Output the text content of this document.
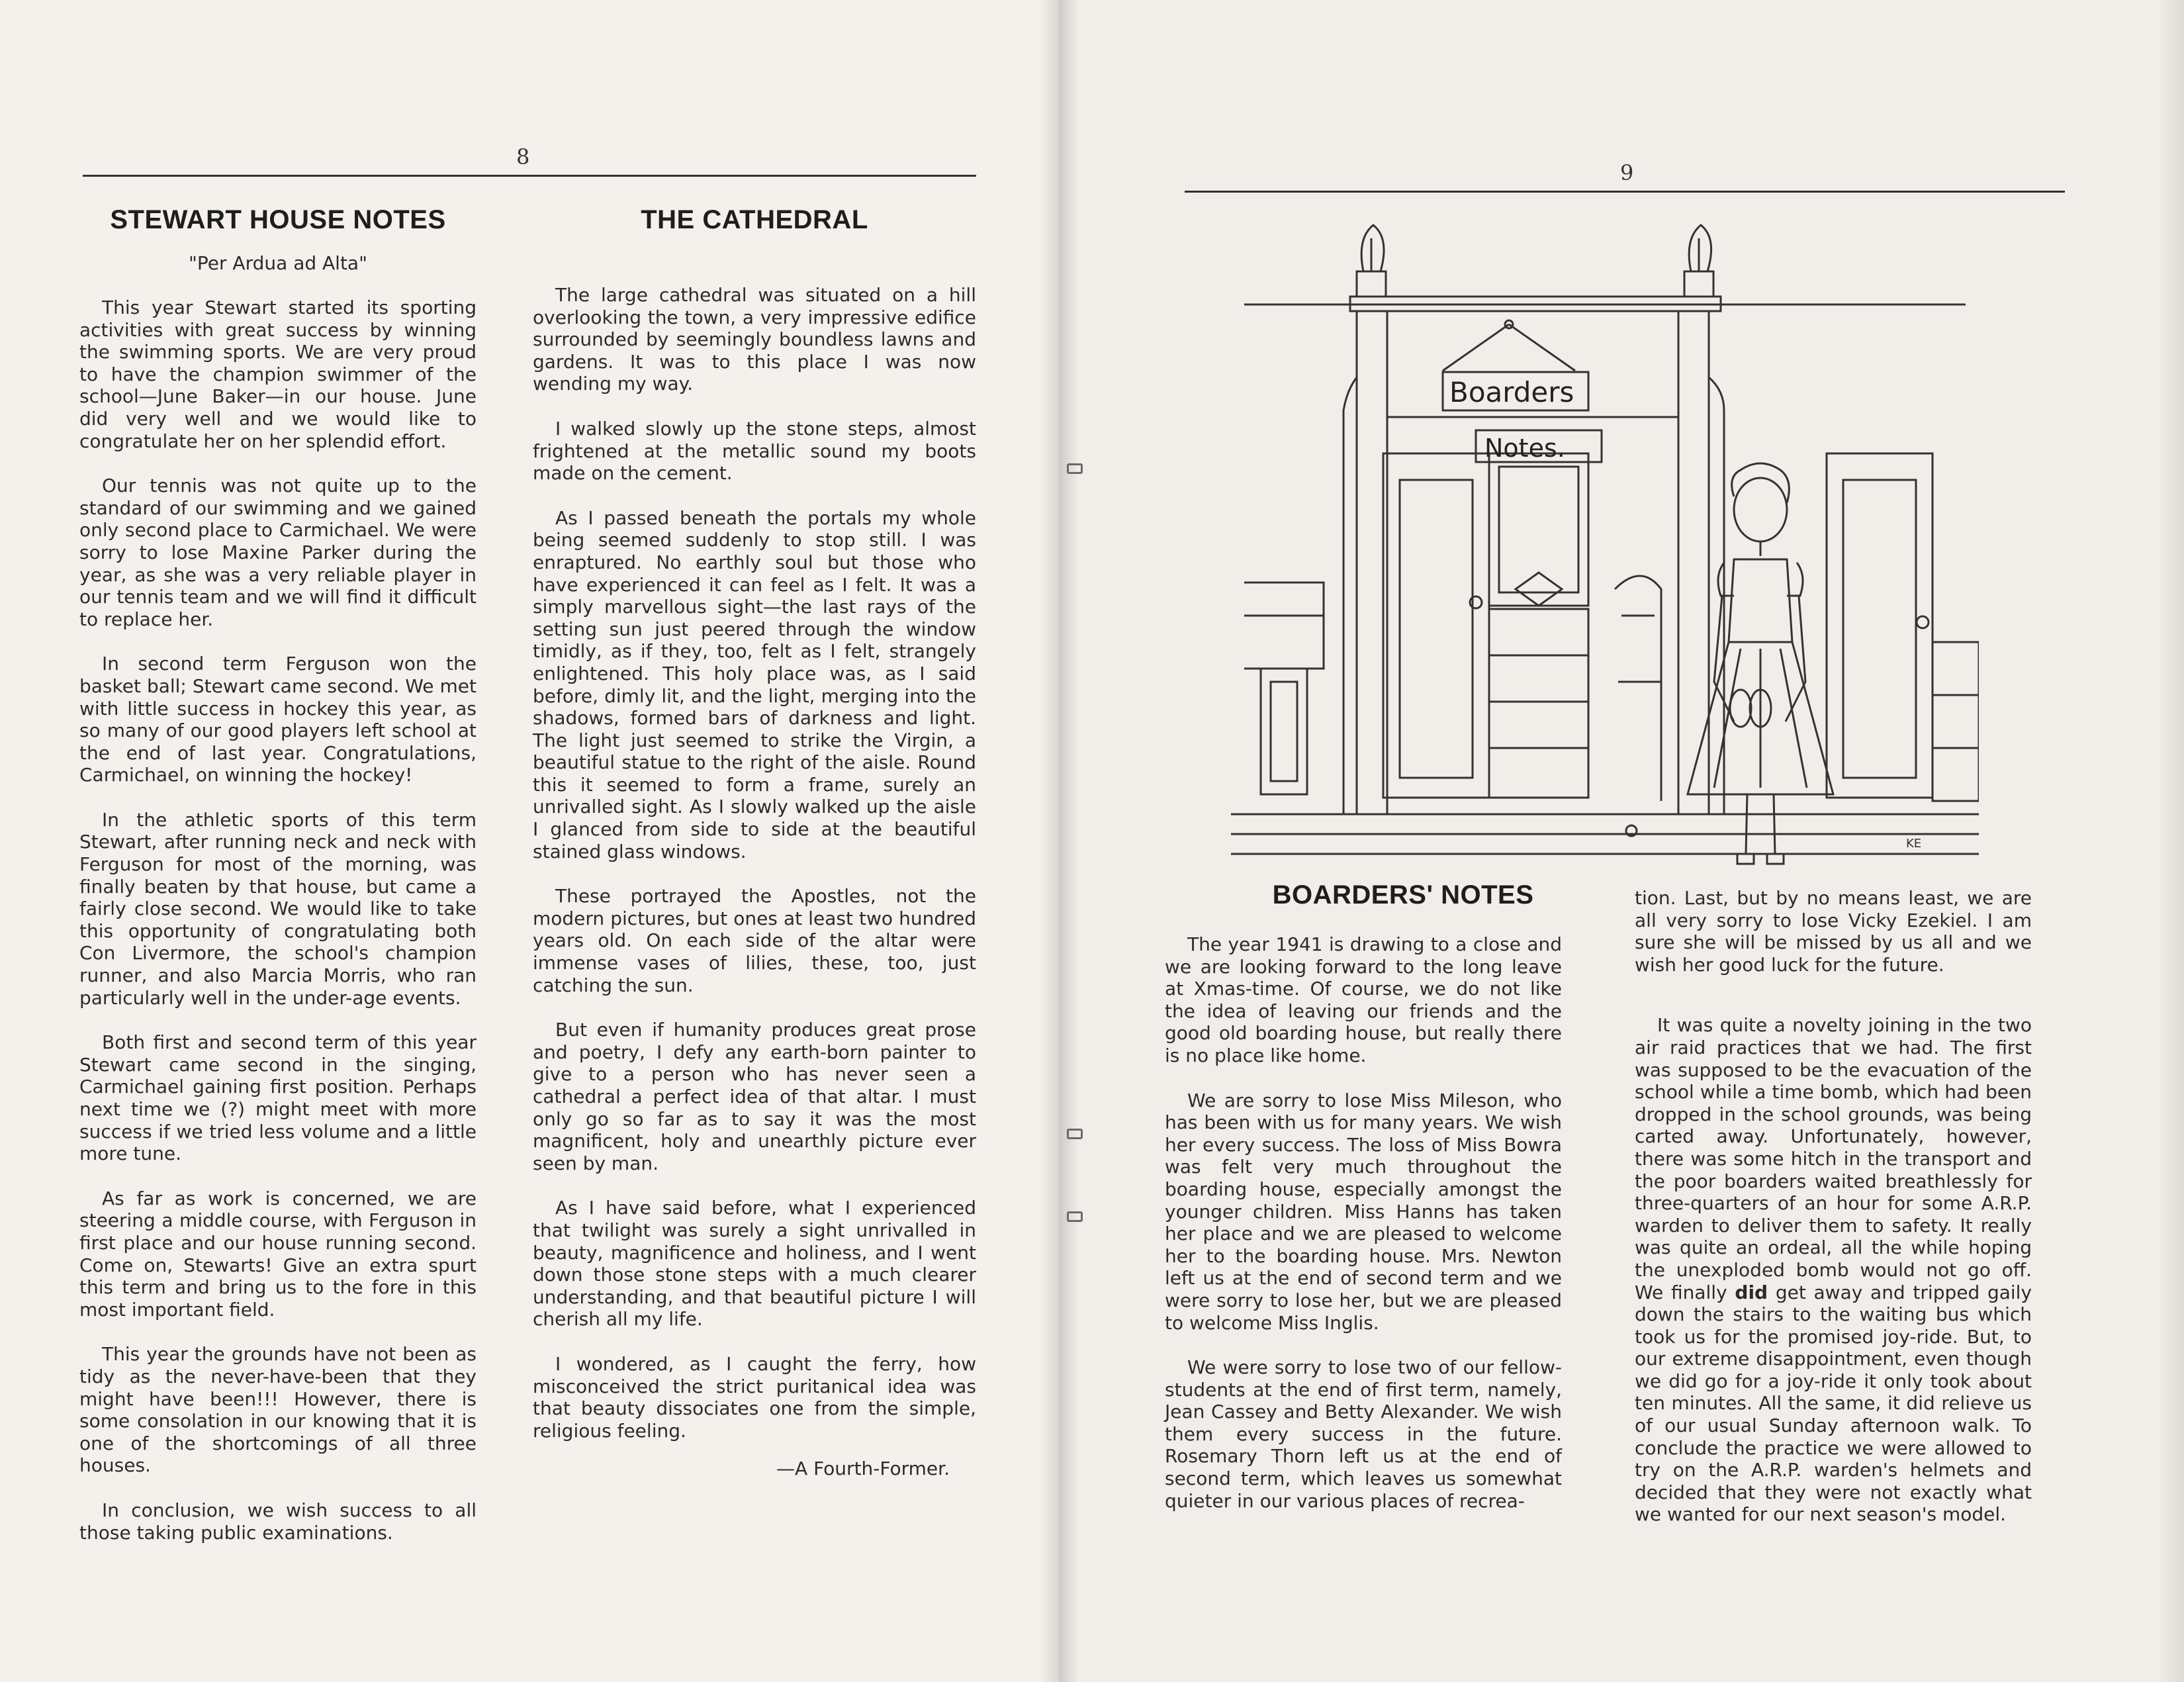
8
STEWART HOUSE NOTES
"Per Ardua ad Alta"

This year Stewart started its sporting activities with great success by winning the swimming sports. We are very proud to have the champion swimmer of the school—June Baker—in our house. June did very well and we would like to congratulate her on her splendid effort.

Our tennis was not quite up to the standard of our swimming and we gained only second place to Carmichael. We were sorry to lose Maxine Parker during the year, as she was a very reliable player in our tennis team and we will find it difficult to replace her.

In second term Ferguson won the basket ball; Stewart came second. We met with little success in hockey this year, as so many of our good players left school at the end of last year. Congratulations, Carmichael, on winning the hockey!

In the athletic sports of this term Stewart, after running neck and neck with Ferguson for most of the morning, was finally beaten by that house, but came a fairly close second. We would like to take this opportunity of congratulating both Con Livermore, the school's champion runner, and also Marcia Morris, who ran particularly well in the under-age events.

Both first and second term of this year Stewart came second in the singing, Carmichael gaining first position. Perhaps next time we (?) might meet with more success if we tried less volume and a little more tune.

As far as work is concerned, we are steering a middle course, with Ferguson in first place and our house running second. Come on, Stewarts! Give an extra spurt this term and bring us to the fore in this most important field.

This year the grounds have not been as tidy as the never-have-been that they might have been!!! However, there is some consolation in our knowing that it is one of the shortcomings of all three houses.

In conclusion, we wish success to all those taking public examinations.

THE CATHEDRAL

The large cathedral was situated on a hill overlooking the town, a very impressive edifice surrounded by seemingly boundless lawns and gardens. It was to this place I was now wending my way.

I walked slowly up the stone steps, almost frightened at the metallic sound my boots made on the cement.

As I passed beneath the portals my whole being seemed suddenly to stop still. I was enraptured. No earthly soul but those who have experienced it can feel as I felt. It was a simply marvellous sight—the last rays of the setting sun just peered through the window timidly, as if they, too, felt as I felt, strangely enlightened. This holy place was, as I said before, dimly lit, and the light, merging into the shadows, formed bars of darkness and light. The light just seemed to strike the Virgin, a beautiful statue to the right of the aisle. Round this it seemed to form a frame, surely an unrivalled sight. As I slowly walked up the aisle I glanced from side to side at the beautiful stained glass windows.

These portrayed the Apostles, not the modern pictures, but ones at least two hundred years old. On each side of the altar were immense vases of lilies, these, too, just catching the sun.

But even if humanity produces great prose and poetry, I defy any earth-born painter to give to a person who has never seen a cathedral a perfect idea of that altar. I must only go so far as to say it was the most magnificent, holy and unearthly picture ever seen by man.

As I have said before, what I experienced that twilight was surely a sight unrivalled in beauty, magnificence and holiness, and I went down those stone steps with a much clearer understanding, and that beautiful picture I will cherish all my life.

I wondered, as I caught the ferry, how misconceived the strict puritanical idea was that beauty dissociates one from the simple, religious feeling.

—A Fourth-Former.
9
Boarders
Notes.
KE
BOARDERS' NOTES

The year 1941 is drawing to a close and we are looking forward to the long leave at Xmas-time. Of course, we do not like the idea of leaving our friends and the good old boarding house, but really there is no place like home.

We are sorry to lose Miss Mileson, who has been with us for many years. We wish her every success. The loss of Miss Bowra was felt very much throughout the boarding house, especially amongst the younger children. Miss Hanns has taken her place and we are pleased to welcome her to the boarding house. Mrs. Newton left us at the end of second term and we were sorry to lose her, but we are pleased to welcome Miss Inglis.

We were sorry to lose two of our fellow-students at the end of first term, namely, Jean Cassey and Betty Alexander. We wish them every success in the future. Rosemary Thorn left us at the end of second term, which leaves us somewhat quieter in our various places of recrea-

tion. Last, but by no means least, we are all very sorry to lose Vicky Ezekiel. I am sure she will be missed by us all and we wish her good luck for the future.

It was quite a novelty joining in the two air raid practices that we had. The first was supposed to be the evacuation of the school while a time bomb, which had been dropped in the school grounds, was being carted away. Unfortunately, however, there was some hitch in the transport and the poor boarders waited breathlessly for three-quarters of an hour for some A.R.P. warden to deliver them to safety. It really was quite an ordeal, all the while hoping the unexploded bomb would not go off. We finally did get away and tripped gaily down the stairs to the waiting bus which took us for the promised joy-ride. But, to our extreme disappointment, even though we did go for a joy-ride it only took about ten minutes. All the same, it did relieve us of our usual Sunday afternoon walk. To conclude the practice we were allowed to try on the A.R.P. warden's helmets and decided that they were not exactly what we wanted for our next season's model.
